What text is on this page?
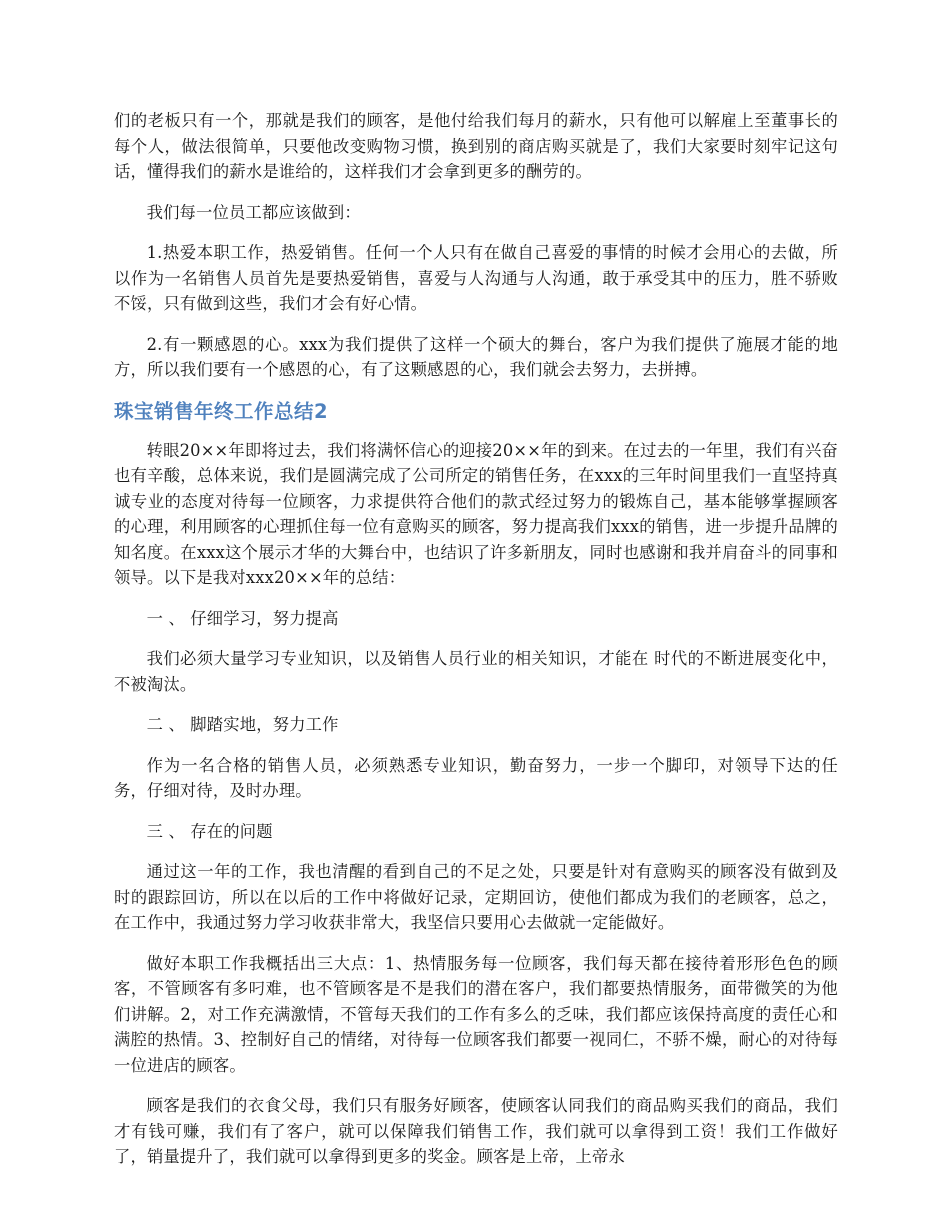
们的老板只有一个，那就是我们的顾客，是他付给我们每月的薪水，只有他可以解雇上至董事长的每个人，做法很简单，只要他改变购物习惯，换到别的商店购买就是了，我们大家要时刻牢记这句话，懂得我们的薪水是谁给的，这样我们才会拿到更多的酬劳的。

我们每一位员工都应该做到：

1.热爱本职工作，热爱销售。任何一个人只有在做自己喜爱的事情的时候才会用心的去做，所以作为一名销售人员首先是要热爱销售，喜爱与人沟通与人沟通，敢于承受其中的压力，胜不骄败不馁，只有做到这些，我们才会有好心情。

2.有一颗感恩的心。xxx为我们提供了这样一个硕大的舞台，客户为我们提供了施展才能的地方，所以我们要有一个感恩的心，有了这颗感恩的心，我们就会去努力，去拼搏。

珠宝销售年终工作总结2

转眼20××年即将过去，我们将满怀信心的迎接20××年的到来。在过去的一年里，我们有兴奋也有辛酸，总体来说，我们是圆满完成了公司所定的销售任务，在xxx的三年时间里我们一直坚持真诚专业的态度对待每一位顾客，力求提供符合他们的款式经过努力的锻炼自己，基本能够掌握顾客的心理，利用顾客的心理抓住每一位有意购买的顾客，努力提高我们xxx的销售，进一步提升品牌的知名度。在xxx这个展示才华的大舞台中，也结识了许多新朋友，同时也感谢和我并肩奋斗的同事和领导。以下是我对xxx20××年的总结：

一 、 仔细学习，努力提高

我们必须大量学习专业知识，以及销售人员行业的相关知识，才能在 时代的不断进展变化中，不被淘汰。

二 、 脚踏实地，努力工作

作为一名合格的销售人员，必须熟悉专业知识，勤奋努力，一步一个脚印，对领导下达的任务，仔细对待，及时办理。

三 、 存在的问题

通过这一年的工作，我也清醒的看到自己的不足之处，只要是针对有意购买的顾客没有做到及时的跟踪回访，所以在以后的工作中将做好记录，定期回访，使他们都成为我们的老顾客，总之，在工作中，我通过努力学习收获非常大，我坚信只要用心去做就一定能做好。

做好本职工作我概括出三大点：1、热情服务每一位顾客，我们每天都在接待着形形色色的顾客，不管顾客有多叼难，也不管顾客是不是我们的潜在客户，我们都要热情服务，面带微笑的为他们讲解。2，对工作充满激情，不管每天我们的工作有多么的乏味，我们都应该保持高度的责任心和满腔的热情。3、控制好自己的情绪，对待每一位顾客我们都要一视同仁，不骄不燥，耐心的对待每一位进店的顾客。

顾客是我们的衣食父母，我们只有服务好顾客，使顾客认同我们的商品购买我们的商品，我们才有钱可赚，我们有了客户，就可以保障我们销售工作，我们就可以拿得到工资！我们工作做好了，销量提升了，我们就可以拿得到更多的奖金。顾客是上帝，上帝永
